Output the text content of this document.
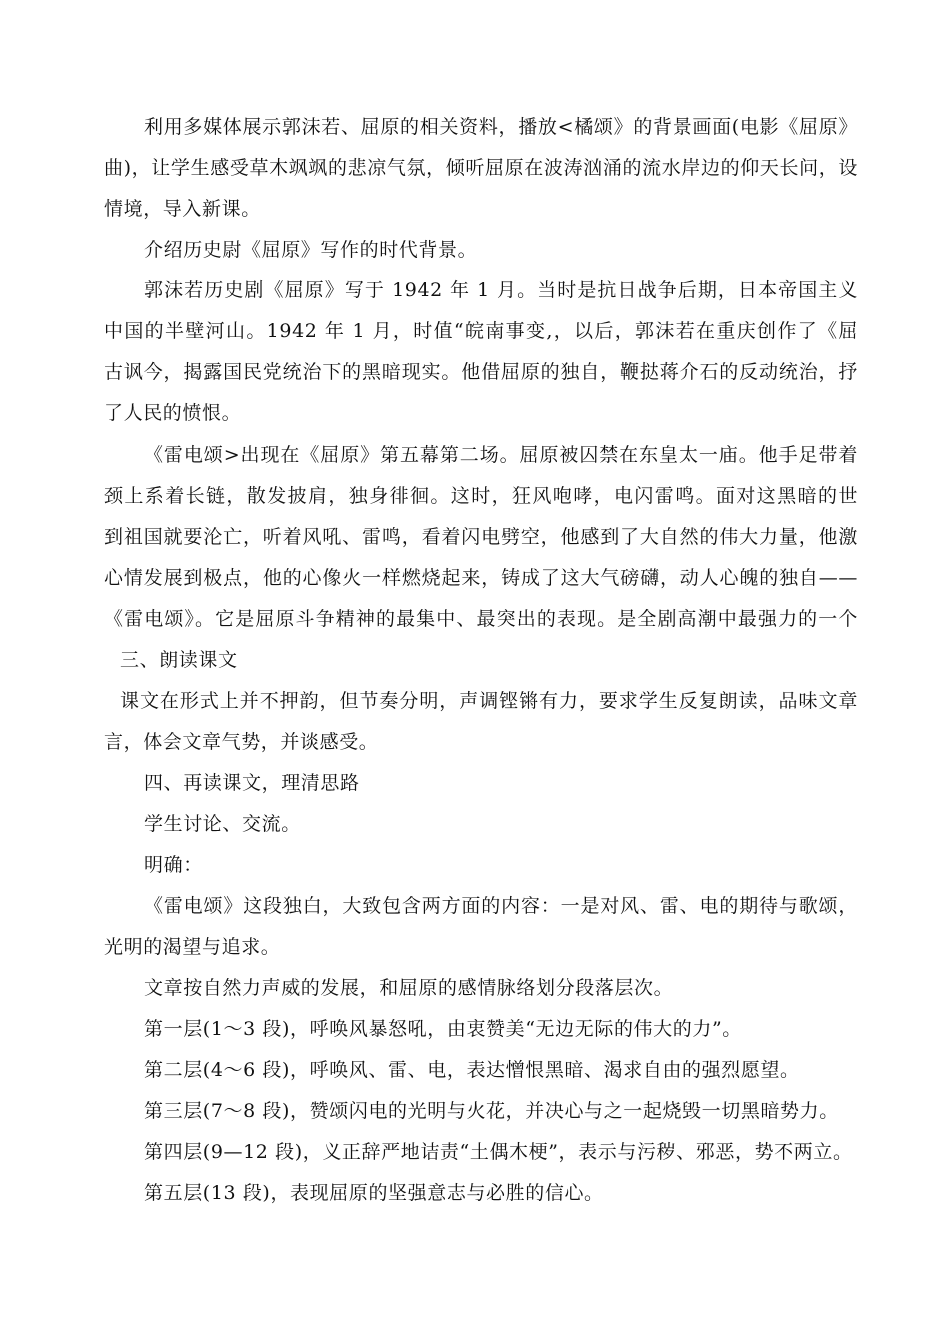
利用多媒体展示郭沫若、屈原的相关资料，播放<橘颂》的背景画面(电影《屈原》
曲)，让学生感受草木飒飒的悲凉气氛，倾听屈原在波涛汹涌的流水岸边的仰天长问，设
情境，导入新课。
介绍历史尉《屈原》写作的时代背景。
郭沫若历史剧《屈原》写于 1942 年 1 月。当时是抗日战争后期，日本帝国主义
中国的半壁河山。1942 年 1 月，时值“皖南事变,，以后，郭沫若在重庆创作了《屈
古讽今，揭露国民党统治下的黑暗现实。他借屈原的独自，鞭挞蒋介石的反动统治，抒
了人民的愤恨。
《雷电颂>出现在《屈原》第五幕第二场。屈原被囚禁在东皇太一庙。他手足带着
颈上系着长链，散发披肩，独身徘徊。这时，狂风咆哮，电闪雷鸣。面对这黑暗的世
到祖国就要沦亡，听着风吼、雷鸣，看着闪电劈空，他感到了大自然的伟大力量，他激
心情发展到极点，他的心像火一样燃烧起来，铸成了这大气磅礴，动人心魄的独自——
《雷电颂》。它是屈原斗争精神的最集中、最突出的表现。是全剧高潮中最强力的一个
三、朗读课文
课文在形式上并不押韵，但节奏分明，声调铿锵有力，要求学生反复朗读，品味文章
言，体会文章气势，并谈感受。
四、再读课文，理清思路
学生讨论、交流。
明确：
《雷电颂》这段独白，大致包含两方面的内容：一是对风、雷、电的期待与歌颂，
光明的渴望与追求。
文章按自然力声威的发展，和屈原的感情脉络划分段落层次。
第一层(1～3 段)，呼唤风暴怒吼，由衷赞美“无边无际的伟大的力”。
第二层(4～6 段)，呼唤风、雷、电，表达憎恨黑暗、渴求自由的强烈愿望。
第三层(7～8 段)，赞颂闪电的光明与火花，并决心与之一起烧毁一切黑暗势力。
第四层(9—12 段)，义正辞严地诘责“土偶木梗”，表示与污秽、邪恶，势不两立。
第五层(13 段)，表现屈原的坚强意志与必胜的信心。
